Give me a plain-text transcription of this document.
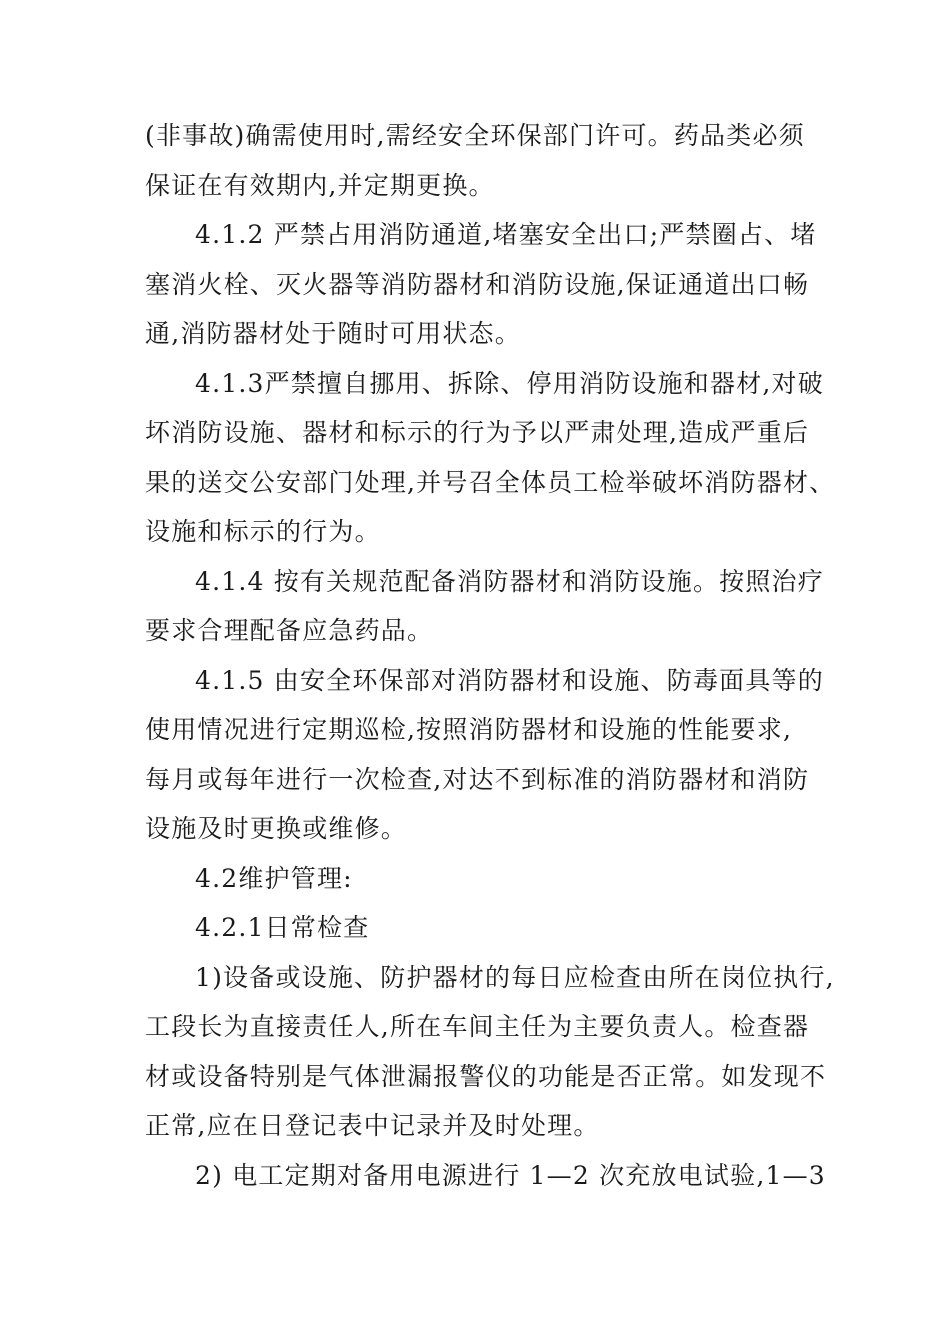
(非事故)确需使用时,需经安全环保部门许可。药品类必须
保证在有效期内,并定期更换。
4.1.2 严禁占用消防通道,堵塞安全出口;严禁圈占、堵
塞消火栓、灭火器等消防器材和消防设施,保证通道出口畅
通,消防器材处于随时可用状态。
4.1.3严禁擅自挪用、拆除、停用消防设施和器材,对破
坏消防设施、器材和标示的行为予以严肃处理,造成严重后
果的送交公安部门处理,并号召全体员工检举破坏消防器材、
设施和标示的行为。
4.1.4 按有关规范配备消防器材和消防设施。按照治疗
要求合理配备应急药品。
4.1.5 由安全环保部对消防器材和设施、防毒面具等的
使用情况进行定期巡检,按照消防器材和设施的性能要求,
每月或每年进行一次检查,对达不到标准的消防器材和消防
设施及时更换或维修。
4.2维护管理:
4.2.1日常检查
1)设备或设施、防护器材的每日应检查由所在岗位执行,
工段长为直接责任人,所在车间主任为主要负责人。检查器
材或设备特别是气体泄漏报警仪的功能是否正常。如发现不
正常,应在日登记表中记录并及时处理。
2) 电工定期对备用电源进行 1—2 次充放电试验,1—3
